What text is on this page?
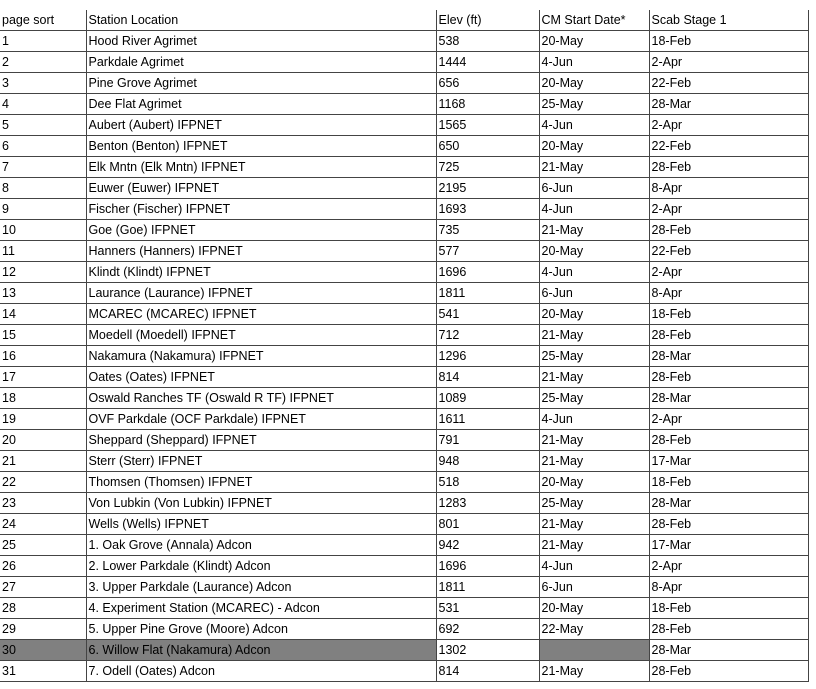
page sort	Station Location	Elev (ft)	CM Start Date*	Scab Stage 1
1	Hood River Agrimet	538	20-May	18-Feb
2	Parkdale Agrimet	1444	4-Jun	2-Apr
3	Pine Grove Agrimet	656	20-May	22-Feb
4	Dee Flat Agrimet	1168	25-May	28-Mar
5	Aubert (Aubert) IFPNET	1565	4-Jun	2-Apr
6	Benton (Benton) IFPNET	650	20-May	22-Feb
7	Elk Mntn (Elk Mntn) IFPNET	725	21-May	28-Feb
8	Euwer (Euwer) IFPNET	2195	6-Jun	8-Apr
9	Fischer (Fischer) IFPNET	1693	4-Jun	2-Apr
10	Goe (Goe) IFPNET	735	21-May	28-Feb
11	Hanners (Hanners) IFPNET	577	20-May	22-Feb
12	Klindt (Klindt) IFPNET	1696	4-Jun	2-Apr
13	Laurance (Laurance) IFPNET	1811	6-Jun	8-Apr
14	MCAREC (MCAREC) IFPNET	541	20-May	18-Feb
15	Moedell (Moedell) IFPNET	712	21-May	28-Feb
16	Nakamura (Nakamura) IFPNET	1296	25-May	28-Mar
17	Oates (Oates) IFPNET	814	21-May	28-Feb
18	Oswald Ranches TF (Oswald R TF) IFPNET	1089	25-May	28-Mar
19	OVF Parkdale (OCF Parkdale) IFPNET	1611	4-Jun	2-Apr
20	Sheppard (Sheppard) IFPNET	791	21-May	28-Feb
21	Sterr (Sterr) IFPNET	948	21-May	17-Mar
22	Thomsen (Thomsen) IFPNET	518	20-May	18-Feb
23	Von Lubkin (Von Lubkin) IFPNET	1283	25-May	28-Mar
24	Wells (Wells) IFPNET	801	21-May	28-Feb
25	1. Oak Grove (Annala) Adcon	942	21-May	17-Mar
26	2. Lower Parkdale (Klindt) Adcon	1696	4-Jun	2-Apr
27	3. Upper Parkdale (Laurance) Adcon	1811	6-Jun	8-Apr
28	4. Experiment Station (MCAREC) - Adcon	531	20-May	18-Feb
29	5. Upper Pine Grove (Moore) Adcon	692	22-May	28-Feb
30	6. Willow Flat (Nakamura) Adcon	1302		28-Mar
31	7. Odell (Oates) Adcon	814	21-May	28-Feb
